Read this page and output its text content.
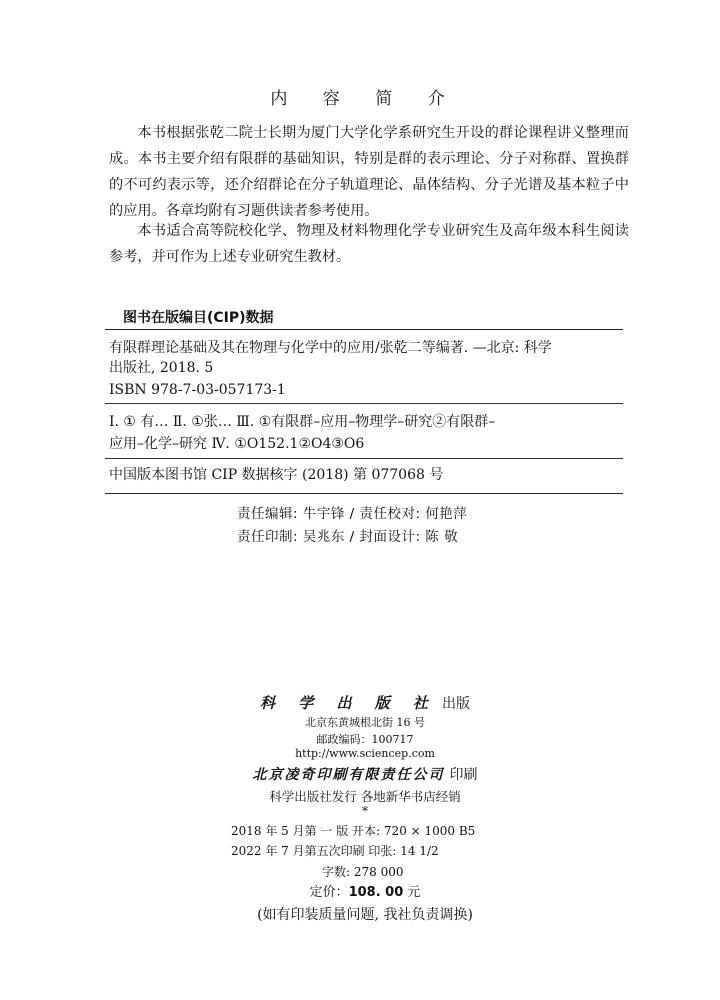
内 容 简 介

本书根据张乾二院士长期为厦门大学化学系研究生开设的群论课程讲义整理而成。本书主要介绍有限群的基础知识，特别是群的表示理论、分子对称群、置换群的不可约表示等，还介绍群论在分子轨道理论、晶体结构、分子光谱及基本粒子中的应用。各章均附有习题供读者参考使用。

本书适合高等院校化学、物理及材料物理化学专业研究生及高年级本科生阅读参考，并可作为上述专业研究生教材。

图书在版编目(CIP)数据
有限群理论基础及其在物理与化学中的应用/张乾二等编著. —北京: 科学
出版社, 2018. 5
ISBN 978-7-03-057173-1
Ⅰ. ① 有… Ⅱ. ①张… Ⅲ. ①有限群–应用–物理学–研究②有限群–
应用–化学–研究 Ⅳ. ①O152.1②O4③O6
中国版本图书馆 CIP 数据核字 (2018) 第 077068 号
责任编辑: 牛宇锋 / 责任校对: 何艳萍
责任印制: 吴兆东 / 封面设计: 陈 敬
科 学 出 版 社 出版
北京东黄城根北街 16 号
邮政编码：100717
http://www.sciencep.com
北京凌奇印刷有限责任公司 印刷
科学出版社发行 各地新华书店经销
*
2018 年 5 月第 一 版 开本: 720 × 1000 B5
2022 年 7 月第五次印刷 印张: 14 1/2
字数: 278 000
定价：108. 00 元
(如有印装质量问题, 我社负责调换)
